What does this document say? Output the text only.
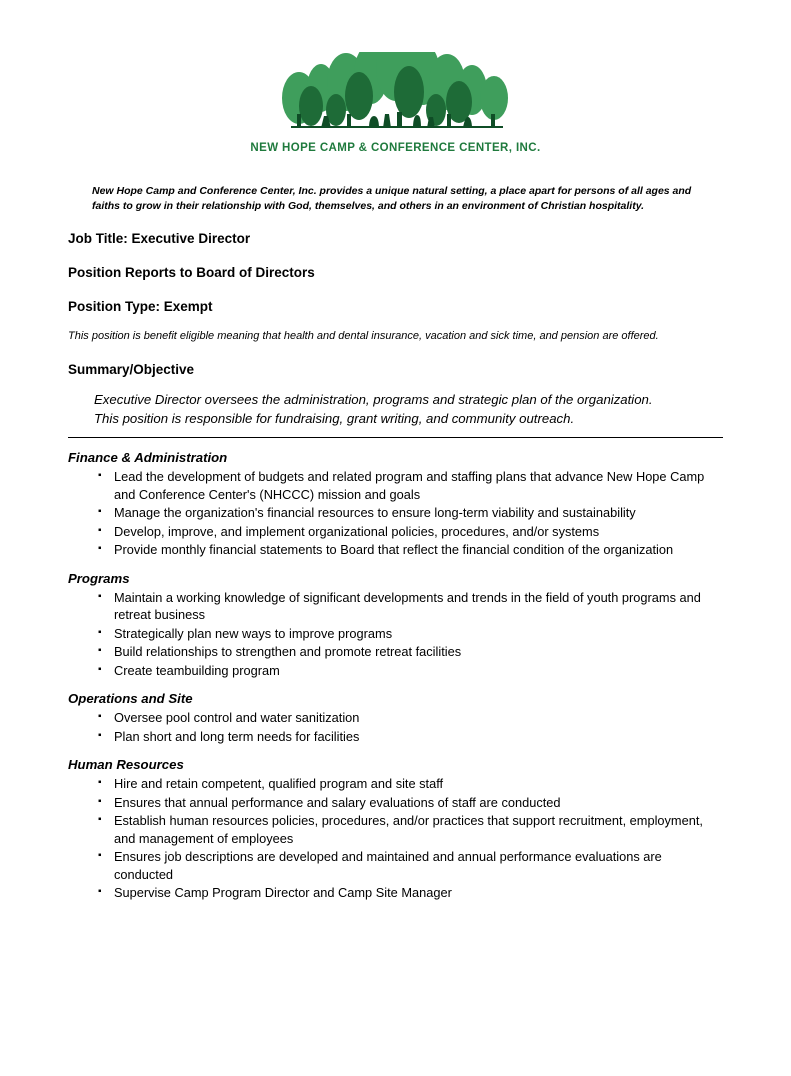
NEW HOPE CAMP & CONFERENCE CENTER, INC.
New Hope Camp and Conference Center, Inc. provides a unique natural setting, a place apart for persons of all ages and faiths to grow in their relationship with God, themselves, and others in an environment of Christian hospitality.
Job Title: Executive Director
Position Reports to Board of Directors
Position Type: Exempt
This position is benefit eligible meaning that health and dental insurance, vacation and sick time, and pension are offered.
Summary/Objective
Executive Director oversees the administration, programs and strategic plan of the organization. This position is responsible for fundraising, grant writing, and community outreach.
Finance & Administration
▪ Lead the development of budgets and related program and staffing plans that advance New Hope Camp and Conference Center's (NHCCC) mission and goals
▪ Manage the organization's financial resources to ensure long-term viability and sustainability
▪ Develop, improve, and implement organizational policies, procedures, and/or systems
▪ Provide monthly financial statements to Board that reflect the financial condition of the organization
Programs
▪ Maintain a working knowledge of significant developments and trends in the field of youth programs and retreat business
▪ Strategically plan new ways to improve programs
▪ Build relationships to strengthen and promote retreat facilities
▪ Create teambuilding program
Operations and Site
▪ Oversee pool control and water sanitization
▪ Plan short and long term needs for facilities
Human Resources
▪ Hire and retain competent, qualified program and site staff
▪ Ensures that annual performance and salary evaluations of staff are conducted
▪ Establish human resources policies, procedures, and/or practices that support recruitment, employment, and management of employees
▪ Ensures job descriptions are developed and maintained and annual performance evaluations are conducted
▪ Supervise Camp Program Director and Camp Site Manager
